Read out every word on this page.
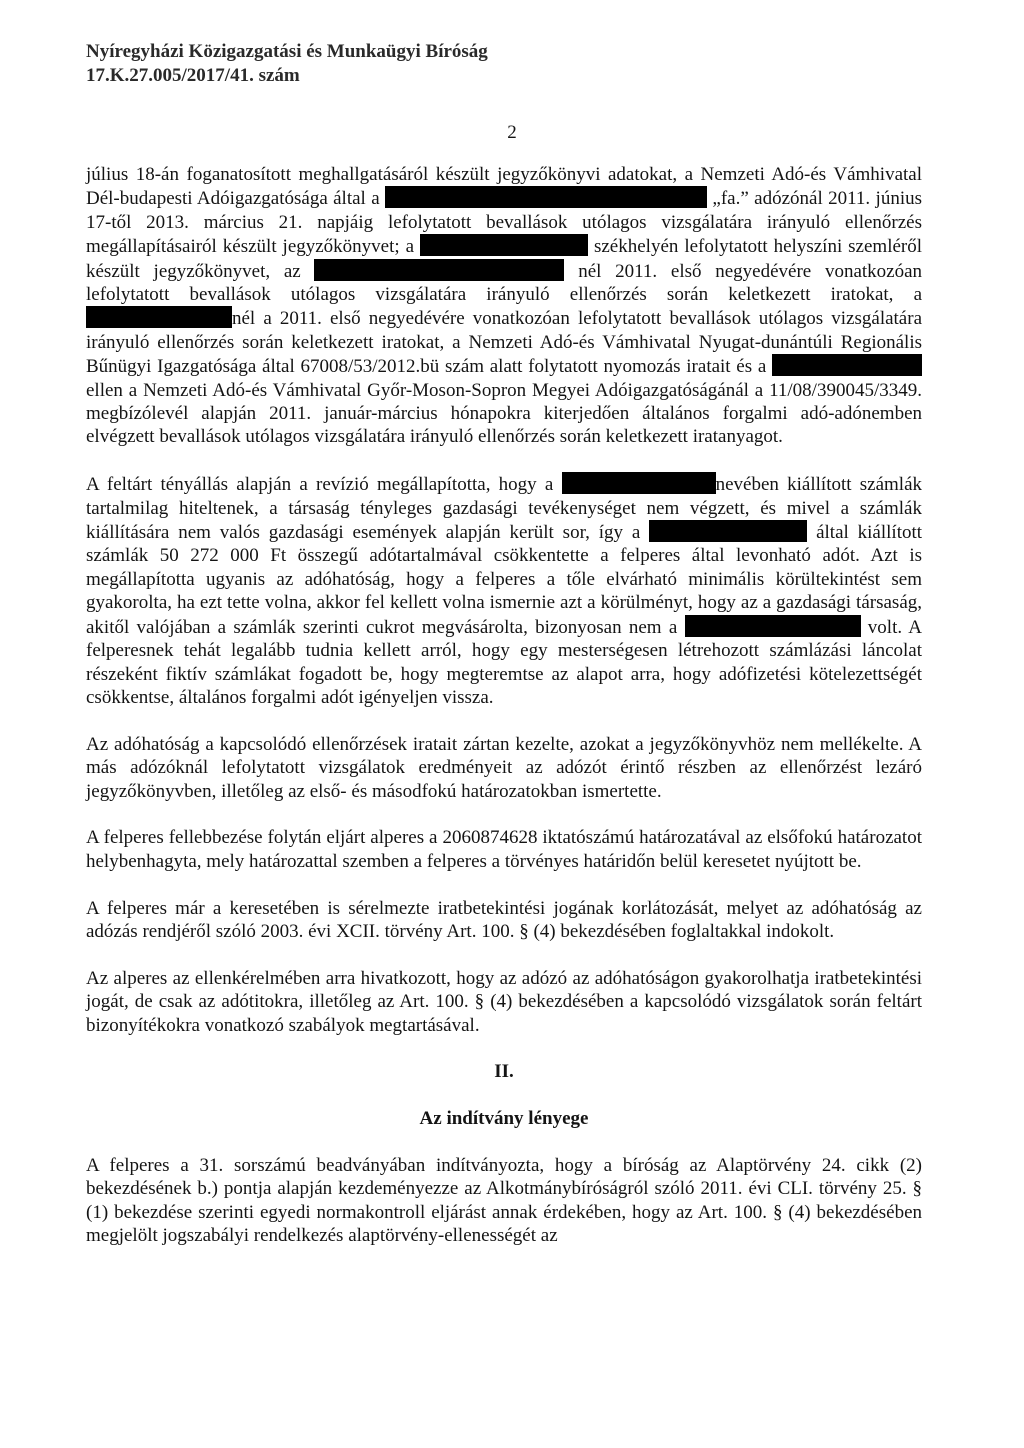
Nyíregyházi Közigazgatási és Munkaügyi Bíróság
17.K.27.005/2017/41. szám
2

július 18-án foganatosított meghallgatásáról készült jegyzőkönyvi adatokat, a Nemzeti Adó-és Vámhivatal Dél-budapesti Adóigazgatósága által a	„fa.” adózónál 2011. június 17-től 2013. március 21. napjáig lefolytatott bevallások utólagos vizsgálatára irányuló ellenőrzés megállapításairól készült jegyzőkönyvet; a	székhelyén lefolytatott helyszíni szemléről készült jegyzőkönyvet, az	nél 2011. első negyedévére vonatkozóan lefolytatott bevallások utólagos vizsgálatára irányuló ellenőrzés során keletkezett iratokat, a nél a 2011. első negyedévére vonatkozóan lefolytatott bevallások utólagos vizsgálatára irányuló ellenőrzés során keletkezett iratokat, a Nemzeti Adó-és Vámhivatal Nyugat-dunántúli Regionális Bűnügyi Igazgatósága által 67008/53/2012.bü szám alatt folytatott nyomozás iratait és a  ellen a Nemzeti Adó-és Vámhivatal Győr-Moson-Sopron Megyei Adóigazgatóságánál a 11/08/390045/3349. megbízólevél alapján 2011. január-március hónapokra kiterjedően általános forgalmi adó-adónemben elvégzett bevallások utólagos vizsgálatára irányuló ellenőrzés során keletkezett iratanyagot.

A feltárt tényállás alapján a revízió megállapította, hogy a	nevében kiállított számlák tartalmilag hiteltenek, a társaság tényleges gazdasági tevékenységet nem végzett, és mivel a számlák kiállítására nem valós gazdasági események alapján került sor, így a	által kiállított számlák 50 272 000 Ft összegű adótartalmával csökkentette a felperes által levonható adót. Azt is megállapította ugyanis az adóhatóság, hogy a felperes a tőle elvárható minimális körültekintést sem gyakorolta, ha ezt tette volna, akkor fel kellett volna ismernie azt a körülményt, hogy az a gazdasági társaság, akitől valójában a számlák szerinti cukrot megvásárolta, bizonyosan nem a	volt. A felperesnek tehát legalább tudnia kellett arról, hogy egy mesterségesen létrehozott számlázási láncolat részeként fiktív számlákat fogadott be, hogy megteremtse az alapot arra, hogy adófizetési kötelezettségét csökkentse, általános forgalmi adót igényeljen vissza.

Az adóhatóság a kapcsolódó ellenőrzések iratait zártan kezelte, azokat a jegyzőkönyvhöz nem mellékelte. A más adózóknál lefolytatott vizsgálatok eredményeit az adózót érintő részben az ellenőrzést lezáró jegyzőkönyvben, illetőleg az első- és másodfokú határozatokban ismertette.

A felperes fellebbezése folytán eljárt alperes a 2060874628 iktatószámú határozatával az elsőfokú határozatot helybenhagyta, mely határozattal szemben a felperes a törvényes határidőn belül keresetet nyújtott be.

A felperes már a keresetében is sérelmezte iratbetekintési jogának korlátozását, melyet az adóhatóság az adózás rendjéről szóló 2003. évi XCII. törvény Art. 100. § (4) bekezdésében foglaltakkal indokolt.

Az alperes az ellenkérelmében arra hivatkozott, hogy az adózó az adóhatóságon gyakorolhatja iratbetekintési jogát, de csak az adótitokra, illetőleg az Art. 100. § (4) bekezdésében a kapcsolódó vizsgálatok során feltárt bizonyítékokra vonatkozó szabályok megtartásával.

II.

Az indítvány lényege

A felperes a 31. sorszámú beadványában indítványozta, hogy a bíróság az Alaptörvény 24. cikk (2) bekezdésének b.) pontja alapján kezdeményezze az Alkotmánybíróságról szóló 2011. évi CLI. törvény 25. § (1) bekezdése szerinti egyedi normakontroll eljárást annak érdekében, hogy az Art. 100. § (4) bekezdésében megjelölt jogszabályi rendelkezés alaptörvény-ellenességét az
